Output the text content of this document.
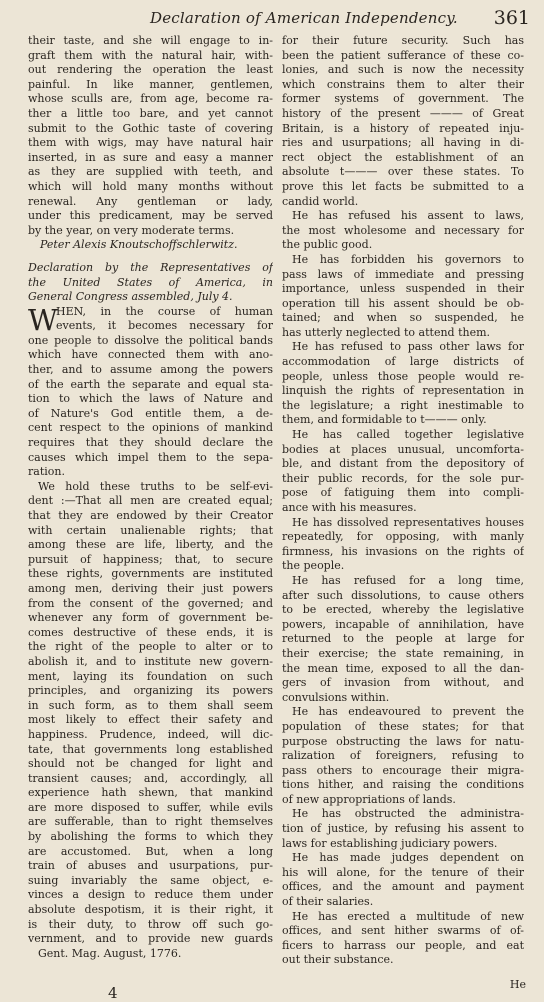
Declaration of American Independency. 361
their taste, and she will engage to in-
graft them with the natural hair, with-
out rendering the operation the least
painful. In like manner, gentlemen,
whose sculls are, from age, become ra-
ther a little too bare, and yet cannot
submit to the Gothic taste of covering
them with wigs, may have natural hair
inserted, in as sure and easy a manner
as they are supplied with teeth, and
which will hold many months without
renewal. Any gentleman or lady,
under this predicament, may be served
by the year, on very moderate terms.
Peter Alexis Knoutschoffschlerwitz.
Declaration by the Representatives of
the United States of America, in
General Congress assembled, July 4.
W
HEN, in the course of human
events, it becomes necessary for
one people to dissolve the political bands
which have connected them with ano-
ther, and to assume among the powers
of the earth the separate and equal sta-
tion to which the laws of Nature and
of Nature's God entitle them, a de-
cent respect to the opinions of mankind
requires that they should declare the
causes which impel them to the sepa-
ration.
We hold these truths to be self-evi-
dent :—That all men are created equal;
that they are endowed by their Creator
with certain unalienable rights; that
among these are life, liberty, and the
pursuit of happiness; that, to secure
these rights, governments are instituted
among men, deriving their just powers
from the consent of the governed; and
whenever any form of government be-
comes destructive of these ends, it is
the right of the people to alter or to
abolish it, and to institute new govern-
ment, laying its foundation on such
principles, and organizing its powers
in such form, as to them shall seem
most likely to effect their safety and
happiness. Prudence, indeed, will dic-
tate, that governments long established
should not be changed for light and
transient causes; and, accordingly, all
experience hath shewn, that mankind
are more disposed to suffer, while evils
are sufferable, than to right themselves
by abolishing the forms to which they
are accustomed. But, when a long
train of abuses and usurpations, pur-
suing invariably the same object, e-
vinces a design to reduce them under
absolute despotism, it is their right, it
is their duty, to throw off such go-
vernment, and to provide new guards
Gent. Mag. August, 1776.
for their future security. Such has
been the patient sufferance of these co-
lonies, and such is now the necessity
which constrains them to alter their
former systems of government. The
history of the present ——— of Great
Britain, is a history of repeated inju-
ries and usurpations; all having in di-
rect object the establishment of an
absolute t——— over these states. To
prove this let facts be submitted to a
candid world.
He has refused his assent to laws,
the most wholesome and necessary for
the public good.
He has forbidden his governors to
pass laws of immediate and pressing
importance, unless suspended in their
operation till his assent should be ob-
tained; and when so suspended, he
has utterly neglected to attend them.
He has refused to pass other laws for
accommodation of large districts of
people, unless those people would re-
linquish the rights of representation in
the legislature; a right inestimable to
them, and formidable to t——— only.
He has called together legislative
bodies at places unusual, uncomforta-
ble, and distant from the depository of
their public records, for the sole pur-
pose of fatiguing them into compli-
ance with his measures.
He has dissolved representatives houses
repeatedly, for opposing, with manly
firmness, his invasions on the rights of
the people.
He has refused for a long time,
after such dissolutions, to cause others
to be erected, whereby the legislative
powers, incapable of annihilation, have
returned to the people at large for
their exercise; the state remaining, in
the mean time, exposed to all the dan-
gers of invasion from without, and
convulsions within.
He has endeavoured to prevent the
population of these states; for that
purpose obstructing the laws for natu-
ralization of foreigners, refusing to
pass others to encourage their migra-
tions hither, and raising the conditions
of new appropriations of lands.
He has obstructed the administra-
tion of justice, by refusing his assent to
laws for establishing judiciary powers.
He has made judges dependent on
his will alone, for the tenure of their
offices, and the amount and payment
of their salaries.
He has erected a multitude of new
offices, and sent hither swarms of of-
ficers to harrass our people, and eat
out their substance.
4	He
